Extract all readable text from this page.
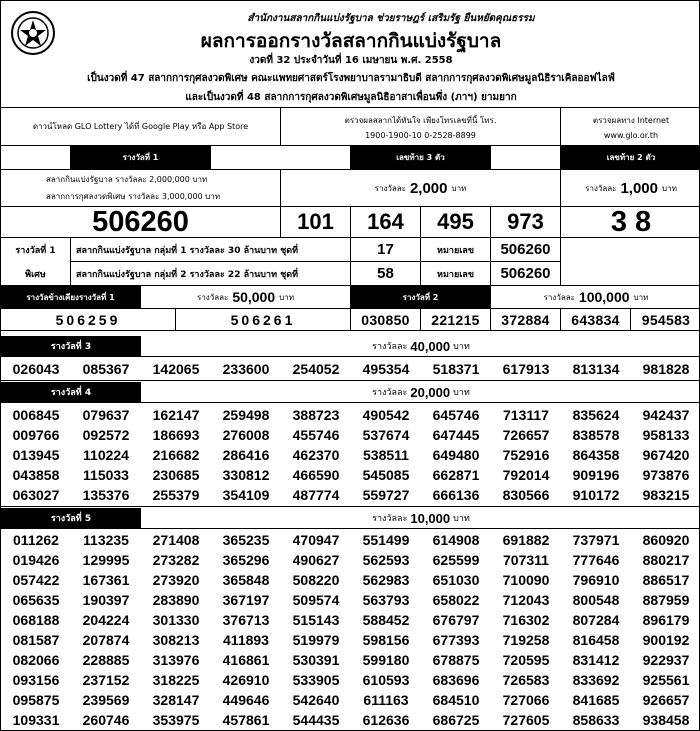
สำนักงานสลากกินแบ่งรัฐบาล ช่วยราษฎร์ เสริมรัฐ ยืนหยัดคุณธรรม
ผลการออกรางวัลสลากกินแบ่งรัฐบาล
งวดที่ 32 ประจำวันที่ 16 เมษายน พ.ศ. 2558
เป็นงวดที่ 47 สลากการกุศลงวดพิเศษ คณะแพทยศาสตร์โรงพยาบาลรามาธิบดี สลากการกุศลงวดพิเศษมูลนิธิราเคิลออฟไลฟ์
และเป็นงวดที่ 48 สลากการกุศลงวดพิเศษมูลนิธิอาสาเพื่อนพึ่ง (ภาฯ) ยามยาก
ดาวน์โหลด GLO Lottery ได้ที่ Google Play หรือ App Store
ตรวจผลสลากได้ทันใจ เพียงโทรเลขที่นี้ โทร.
1900-1900-10 0-2528-8899
ตรวจผลทาง Internet
www.glo.or.th
รางวัลที่ 1	เลขท้าย 3 ตัว	เลขท้าย 2 ตัว
สลากกินแบ่งรัฐบาล รางวัลละ 2,000,000 บาท
สลากการกุศลงวดพิเศษ รางวัลละ 3,000,000 บาท
รางวัลละ 2,000 บาท	รางวัลละ 1,000 บาท
506260	101	164	495	973	3 8
รางวัลที่ 1
พิเศษ
สลากกินแบ่งรัฐบาล กลุ่มที่ 1 รางวัลละ 30 ล้านบาท ชุดที่	17	หมายเลข	506260
สลากกินแบ่งรัฐบาล กลุ่มที่ 2 รางวัลละ 22 ล้านบาท ชุดที่	58	หมายเลข	506260
รางวัลข้างเคียงรางวัลที่ 1	รางวัลละ 50,000 บาท	รางวัลที่ 2	รางวัลละ 100,000 บาท
506259	506261	030850	221215	372884	643834	954583
รางวัลที่ 3	รางวัลละ 40,000 บาท
026043	085367	142065	233600	254052	495354	518371	617913	813134	981828
รางวัลที่ 4	รางวัลละ 20,000 บาท
006845	079637	162147	259498	388723	490542	645746	713117	835624	942437
009766	092572	186693	276008	455746	537674	647445	726657	838578	958133
013945	110224	216682	286416	462370	538511	649480	752916	864358	967420
043858	115033	230685	330812	466590	545085	662871	792014	909196	973876
063027	135376	255379	354109	487774	559727	666136	830566	910172	983215
รางวัลที่ 5	รางวัลละ 10,000 บาท
011262	113235	271408	365235	470947	551499	614908	691882	737971	860920
019426	129995	273282	365296	490627	562593	625599	707311	777646	880217
057422	167361	273920	365848	508220	562983	651030	710090	796910	886517
065635	190397	283890	367197	509574	563793	658022	712043	800548	887959
068188	204224	301330	376713	515143	588452	676797	716302	807284	896179
081587	207874	308213	411893	519979	598156	677393	719258	816458	900192
082066	228885	313976	416861	530391	599180	678875	720595	831412	922937
093156	237152	318225	426910	533905	610593	683696	726583	833692	925561
095875	239569	328147	449646	542640	611163	684510	727066	841685	926657
109331	260746	353975	457861	544435	612636	686725	727605	858633	938458
